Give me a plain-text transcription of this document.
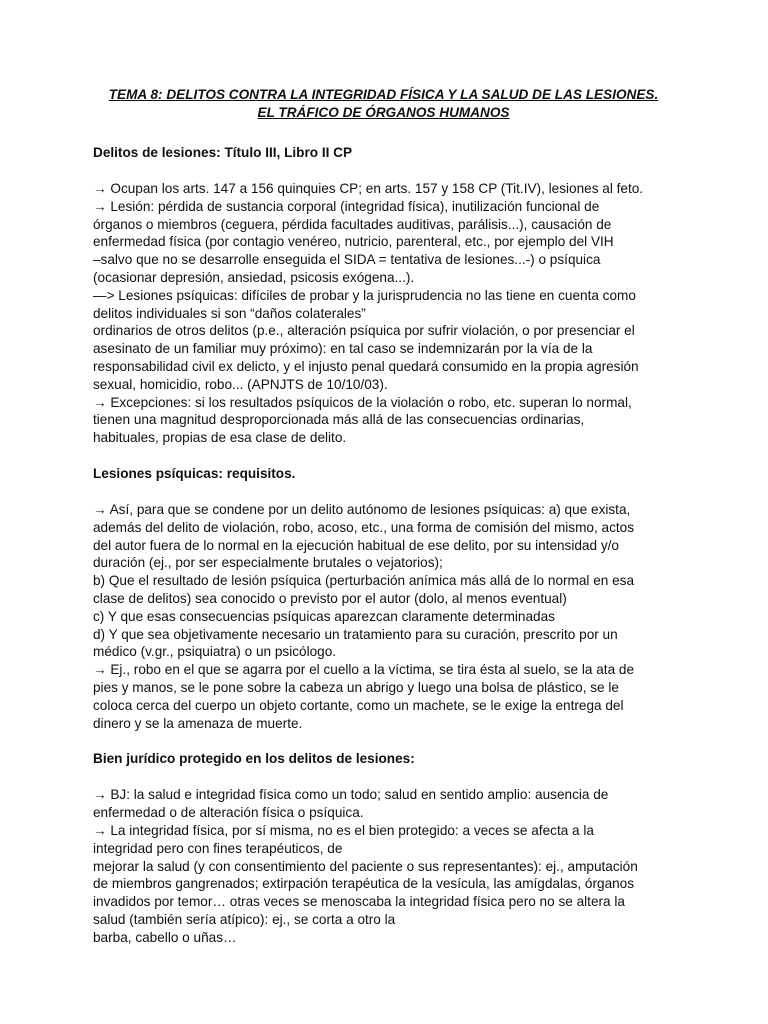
TEMA 8: DELITOS CONTRA LA INTEGRIDAD FÍSICA Y LA SALUD DE LAS LESIONES.
EL TRÁFICO DE ÓRGANOS HUMANOS
Delitos de lesiones: Título III, Libro II CP

→ Ocupan los arts. 147 a 156 quinquies CP; en arts. 157 y 158 CP (Tit.IV), lesiones al feto.
→ Lesión: pérdida de sustancia corporal (integridad física), inutilización funcional de
órganos o miembros (ceguera, pérdida facultades auditivas, parálisis...), causación de
enfermedad física (por contagio venéreo, nutricio, parenteral, etc., por ejemplo del VIH
–salvo que no se desarrolle enseguida el SIDA = tentativa de lesiones...-) o psíquica
(ocasionar depresión, ansiedad, psicosis exógena...).
—> Lesiones psíquicas: difíciles de probar y la jurisprudencia no las tiene en cuenta como
delitos individuales si son “daños colaterales”
ordinarios de otros delitos (p.e., alteración psíquica por sufrir violación, o por presenciar el
asesinato de un familiar muy próximo): en tal caso se indemnizarán por la vía de la
responsabilidad civil ex delicto, y el injusto penal quedará consumido en la propia agresión
sexual, homicidio, robo... (APNJTS de 10/10/03).
→ Excepciones: si los resultados psíquicos de la violación o robo, etc. superan lo normal,
tienen una magnitud desproporcionada más allá de las consecuencias ordinarias,
habituales, propias de esa clase de delito.

Lesiones psíquicas: requisitos.

→ Así, para que se condene por un delito autónomo de lesiones psíquicas: a) que exista,
además del delito de violación, robo, acoso, etc., una forma de comisión del mismo, actos
del autor fuera de lo normal en la ejecución habitual de ese delito, por su intensidad y/o
duración (ej., por ser especialmente brutales o vejatorios);
b) Que el resultado de lesión psíquica (perturbación anímica más allá de lo normal en esa
clase de delitos) sea conocido o previsto por el autor (dolo, al menos eventual)
c) Y que esas consecuencias psíquicas aparezcan claramente determinadas
d) Y que sea objetivamente necesario un tratamiento para su curación, prescrito por un
médico (v.gr., psiquiatra) o un psicólogo.
→ Ej., robo en el que se agarra por el cuello a la víctima, se tira ésta al suelo, se la ata de
pies y manos, se le pone sobre la cabeza un abrigo y luego una bolsa de plástico, se le
coloca cerca del cuerpo un objeto cortante, como un machete, se le exige la entrega del
dinero y se la amenaza de muerte.

Bien jurídico protegido en los delitos de lesiones:

→ BJ: la salud e integridad física como un todo; salud en sentido amplio: ausencia de
enfermedad o de alteración física o psíquica.
→ La integridad física, por sí misma, no es el bien protegido: a veces se afecta a la
integridad pero con fines terapéuticos, de
mejorar la salud (y con consentimiento del paciente o sus representantes): ej., amputación
de miembros gangrenados; extirpación terapéutica de la vesícula, las amígdalas, órganos
invadidos por temor… otras veces se menoscaba la integridad física pero no se altera la
salud (también sería atípico): ej., se corta a otro la
barba, cabello o uñas…
